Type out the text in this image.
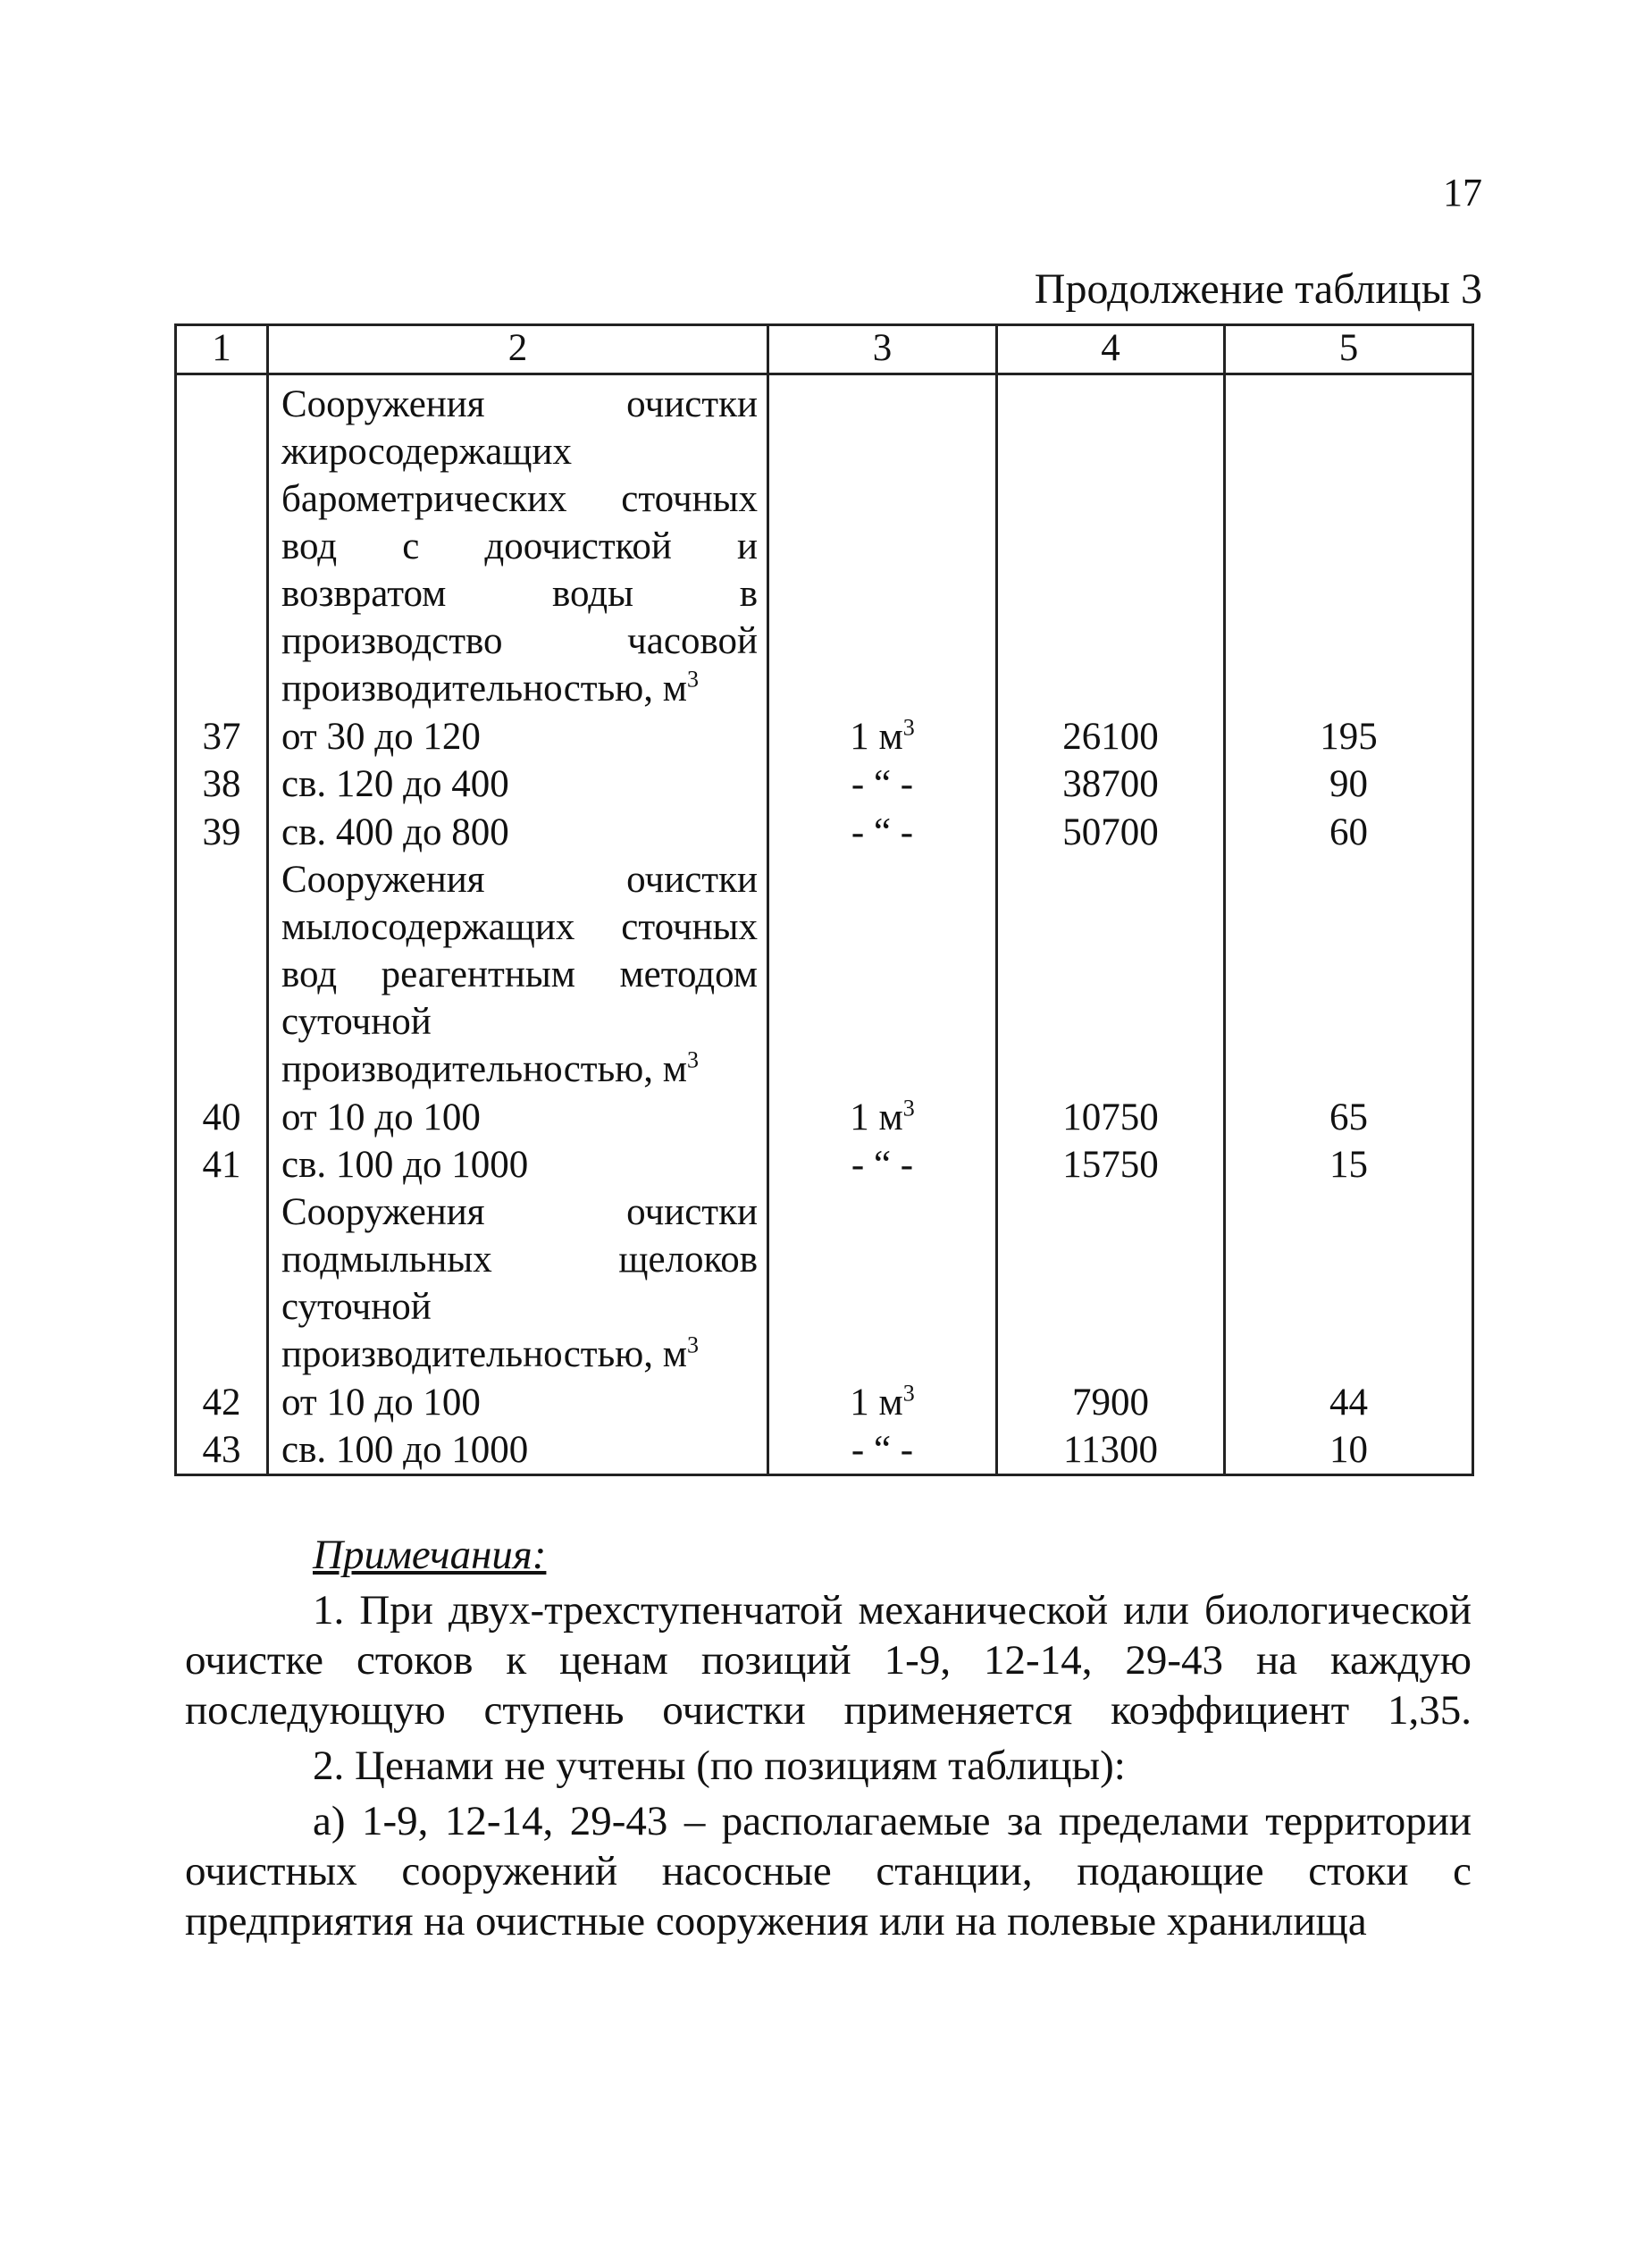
17
Продолжение таблицы 3
1	2	3	4	5

	Сооружения очистки жиросодержащих барометрических сточных вод с доочисткой и возвратом воды в производство часовой производительностью, $м^3$			
37	от 30 до 120	1 $м^3$	26100	195
38	св. 120 до 400	- “ -	38700	90
39	св. 400 до 800	- “ -	50700	60
	Сооружения очистки мылосодержащих сточных вод реагентным методом суточной производительностью, $м^3$			
40	от 10 до 100	1 $м^3$	10750	65
41	св. 100 до 1000	- “ -	15750	15
	Сооружения очистки подмыльных щелоков суточной производительностью, $м^3$			
42	от 10 до 100	1 $м^3$	7900	44
43	св. 100 до 1000	- “ -	11300	10

Примечания:

1. При двух-трехступенчатой механической или биологической очистке стоков к ценам позиций 1-9, 12-14, 29-43 на каждую последующую ступень очистки применяется коэффициент 1,35.

2. Ценами не учтены (по позициям таблицы):

а) 1-9, 12-14, 29-43 – располагаемые за пределами территории очистных сооружений насосные станции, подающие стоки с предприятия на очистные сооружения или на полевые хранилища
